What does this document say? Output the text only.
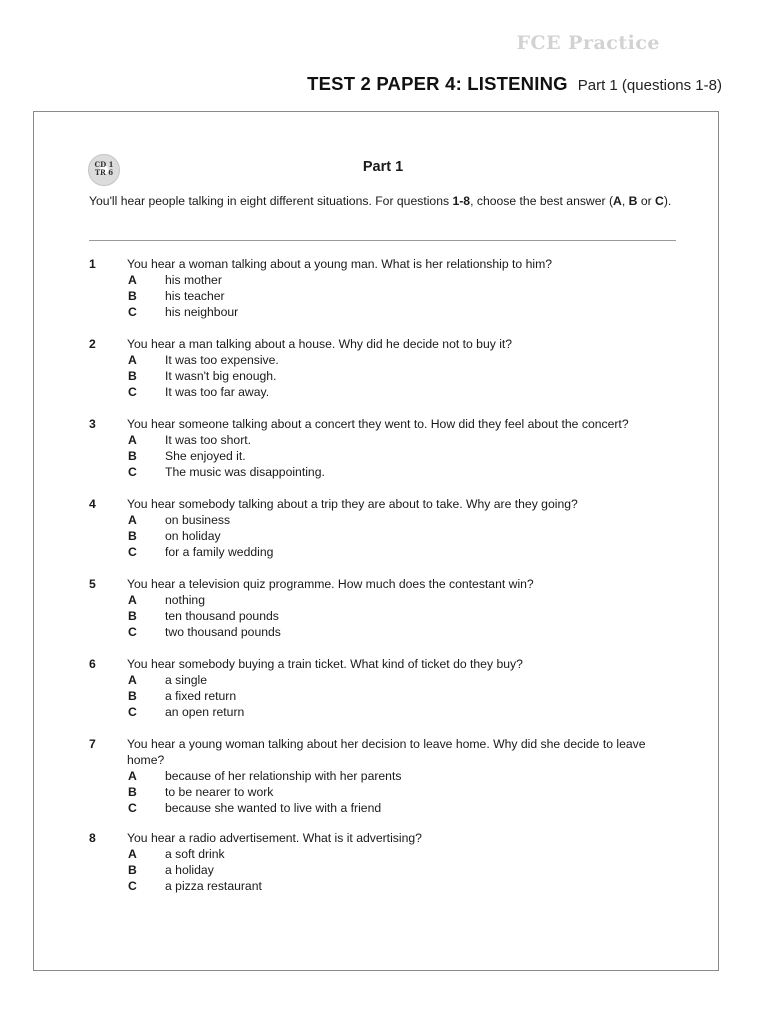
FCE Practice
TEST 2 PAPER 4: LISTENING Part 1 (questions 1-8)
CD 1
TR 6	Part 1
You'll hear people talking in eight different situations. For questions 1-8, choose the best answer (A, B or C).
1	You hear a woman talking about a young man. What is her relationship to him?
A his mother
B his teacher
C his neighbour
2	You hear a man talking about a house. Why did he decide not to buy it?
A It was too expensive.
B It wasn't big enough.
C It was too far away.
3	You hear someone talking about a concert they went to. How did they feel about the concert?
A It was too short.
B She enjoyed it.
C The music was disappointing.
4	You hear somebody talking about a trip they are about to take. Why are they going?
A on business
B on holiday
C for a family wedding
5	You hear a television quiz programme. How much does the contestant win?
A nothing
B ten thousand pounds
C two thousand pounds
6	You hear somebody buying a train ticket. What kind of ticket do they buy?
A a single
B a fixed return
C an open return
7	You hear a young woman talking about her decision to leave home. Why did she decide to leave home?
A because of her relationship with her parents
B to be nearer to work
C because she wanted to live with a friend
8	You hear a radio advertisement. What is it advertising?
A a soft drink
B a holiday
C a pizza restaurant
